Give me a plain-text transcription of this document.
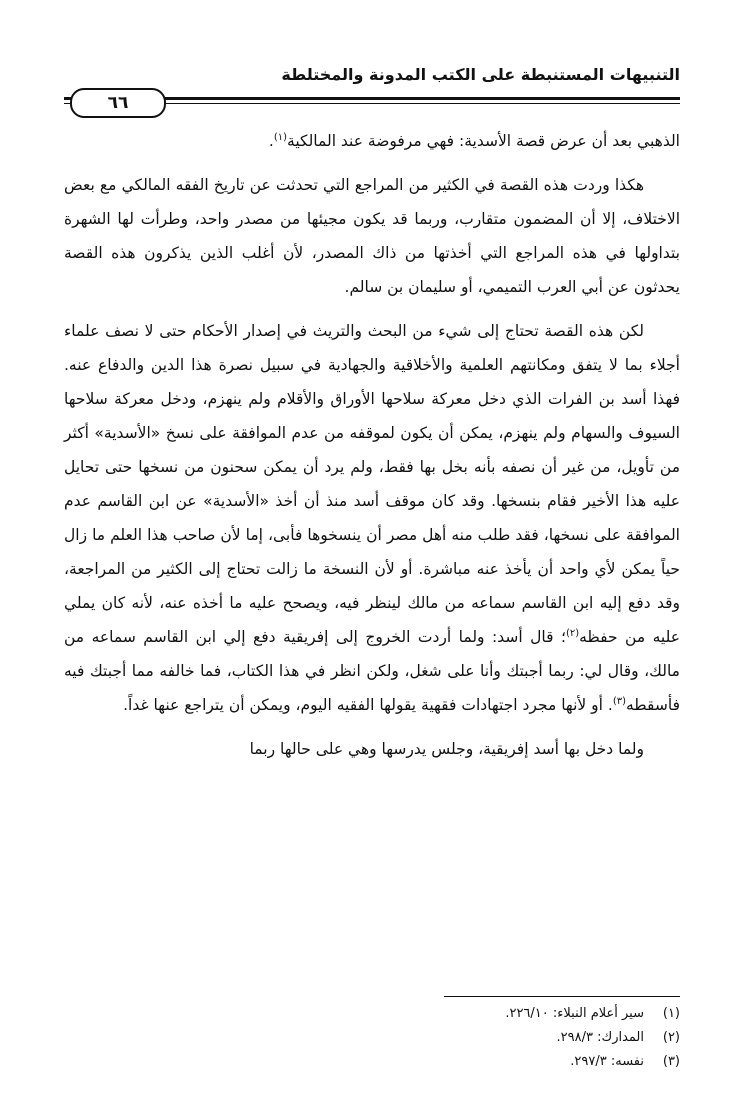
التنبيهات المستنبطة على الكتب المدونة والمختلطة
٦٦

الذهبي بعد أن عرض قصة الأسدية: فهي مرفوضة عند المالكية$^{(١)}$.

هكذا وردت هذه القصة في الكثير من المراجع التي تحدثت عن تاريخ الفقه المالكي مع بعض الاختلاف، إلا أن المضمون متقارب، وربما قد يكون مجيئها من مصدر واحد، وطرأت لها الشهرة بتداولها في هذه المراجع التي أخذتها من ذاك المصدر، لأن أغلب الذين يذكرون هذه القصة يحدثون عن أبي العرب التميمي، أو سليمان بن سالم.

لكن هذه القصة تحتاج إلى شيء من البحث والتريث في إصدار الأحكام حتى لا نصف علماء أجلاء بما لا يتفق ومكانتهم العلمية والأخلاقية والجهادية في سبيل نصرة هذا الدين والدفاع عنه. فهذا أسد بن الفرات الذي دخل معركة سلاحها الأوراق والأقلام ولم ينهزم، ودخل معركة سلاحها السيوف والسهام ولم ينهزم، يمكن أن يكون لموقفه من عدم الموافقة على نسخ «الأسدية» أكثر من تأويل، من غير أن نصفه بأنه بخل بها فقط، ولم يرد أن يمكن سحنون من نسخها حتى تحايل عليه هذا الأخير فقام بنسخها. وقد كان موقف أسد منذ أن أخذ «الأسدية» عن ابن القاسم عدم الموافقة على نسخها، فقد طلب منه أهل مصر أن ينسخوها فأبى، إما لأن صاحب هذا العلم ما زال حياً يمكن لأي واحد أن يأخذ عنه مباشرة. أو لأن النسخة ما زالت تحتاج إلى الكثير من المراجعة، وقد دفع إليه ابن القاسم سماعه من مالك لينظر فيه، ويصحح عليه ما أخذه عنه، لأنه كان يملي عليه من حفظه$^{(٢)}$؛ قال أسد: ولما أردت الخروج إلى إفريقية دفع إلي ابن القاسم سماعه من مالك، وقال لي: ربما أجبتك وأنا على شغل، ولكن انظر في هذا الكتاب، فما خالفه مما أجبتك فيه فأسقطه$^{(٣)}$. أو لأنها مجرد اجتهادات فقهية يقولها الفقيه اليوم، ويمكن أن يتراجع عنها غداً.

ولما دخل بها أسد إفريقية، وجلس يدرسها وهي على حالها ربما

(١)
سير أعلام النبلاء: ٢٢٦/١٠.
(٢)
المدارك: ٢٩٨/٣.
(٣)
نفسه: ٢٩٧/٣.
